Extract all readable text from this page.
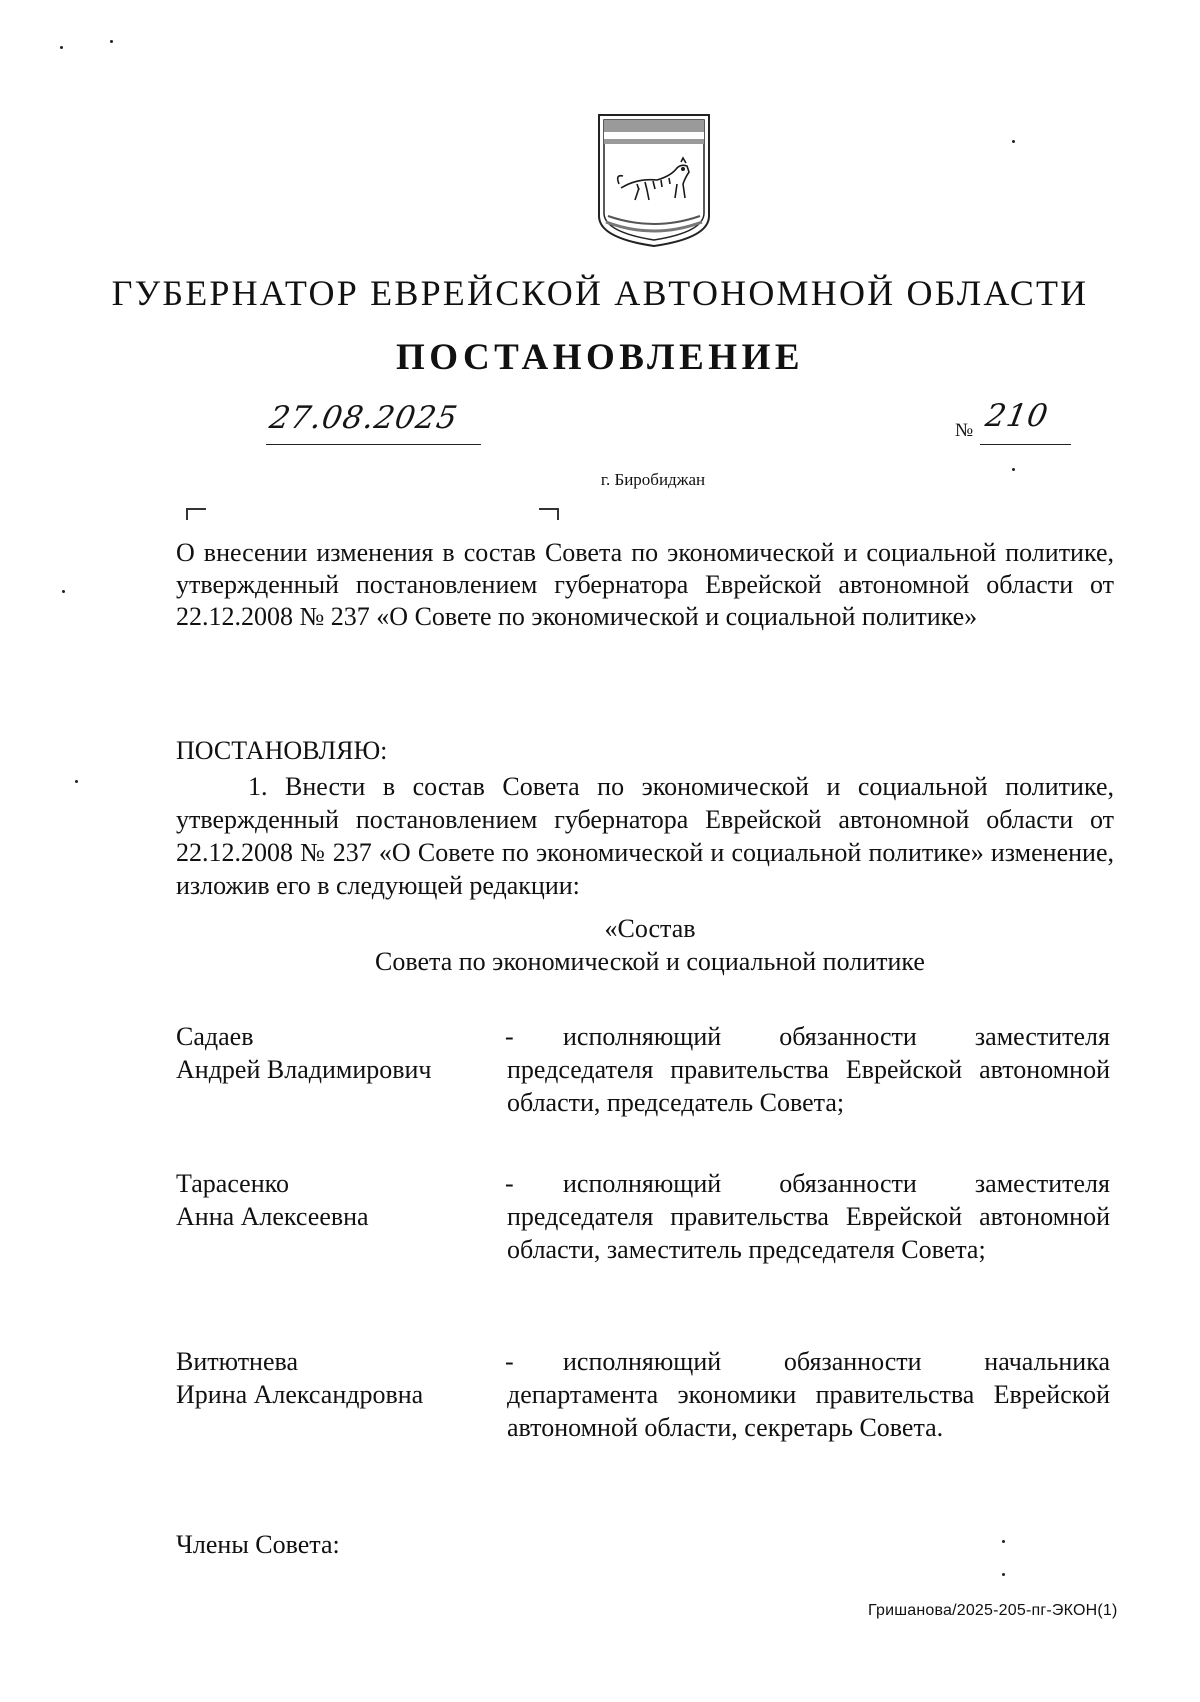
ГУБЕРНАТОР ЕВРЕЙСКОЙ АВТОНОМНОЙ ОБЛАСТИ
ПОСТАНОВЛЕНИЕ
27.08.2025	№ 210
г. Биробиджан
О внесении изменения в состав Совета по экономической и социальной политике, утвержденный постановлением губернатора Еврейской автономной области от 22.12.2008 № 237 «О Совете по экономической и социальной политике»
ПОСТАНОВЛЯЮ:
1. Внести в состав Совета по экономической и социальной политике, утвержденный постановлением губернатора Еврейской автономной области от 22.12.2008 № 237 «О Совете по экономической и социальной политике» изменение, изложив его в следующей редакции:
«Состав
Совета по экономической и социальной политике
Садаев
Андрей Владимирович
-	исполняющий обязанности заместителя председателя правительства Еврейской автономной области, председатель Совета;
Тарасенко
Анна Алексеевна
-	исполняющий обязанности заместителя председателя правительства Еврейской автономной области, заместитель председателя Совета;
Витютнева
Ирина Александровна
-	исполняющий обязанности начальника департамента экономики правительства Еврейской автономной области, секретарь Совета.
Члены Совета:
Гришанова/2025-205-пг-ЭКОН(1)
